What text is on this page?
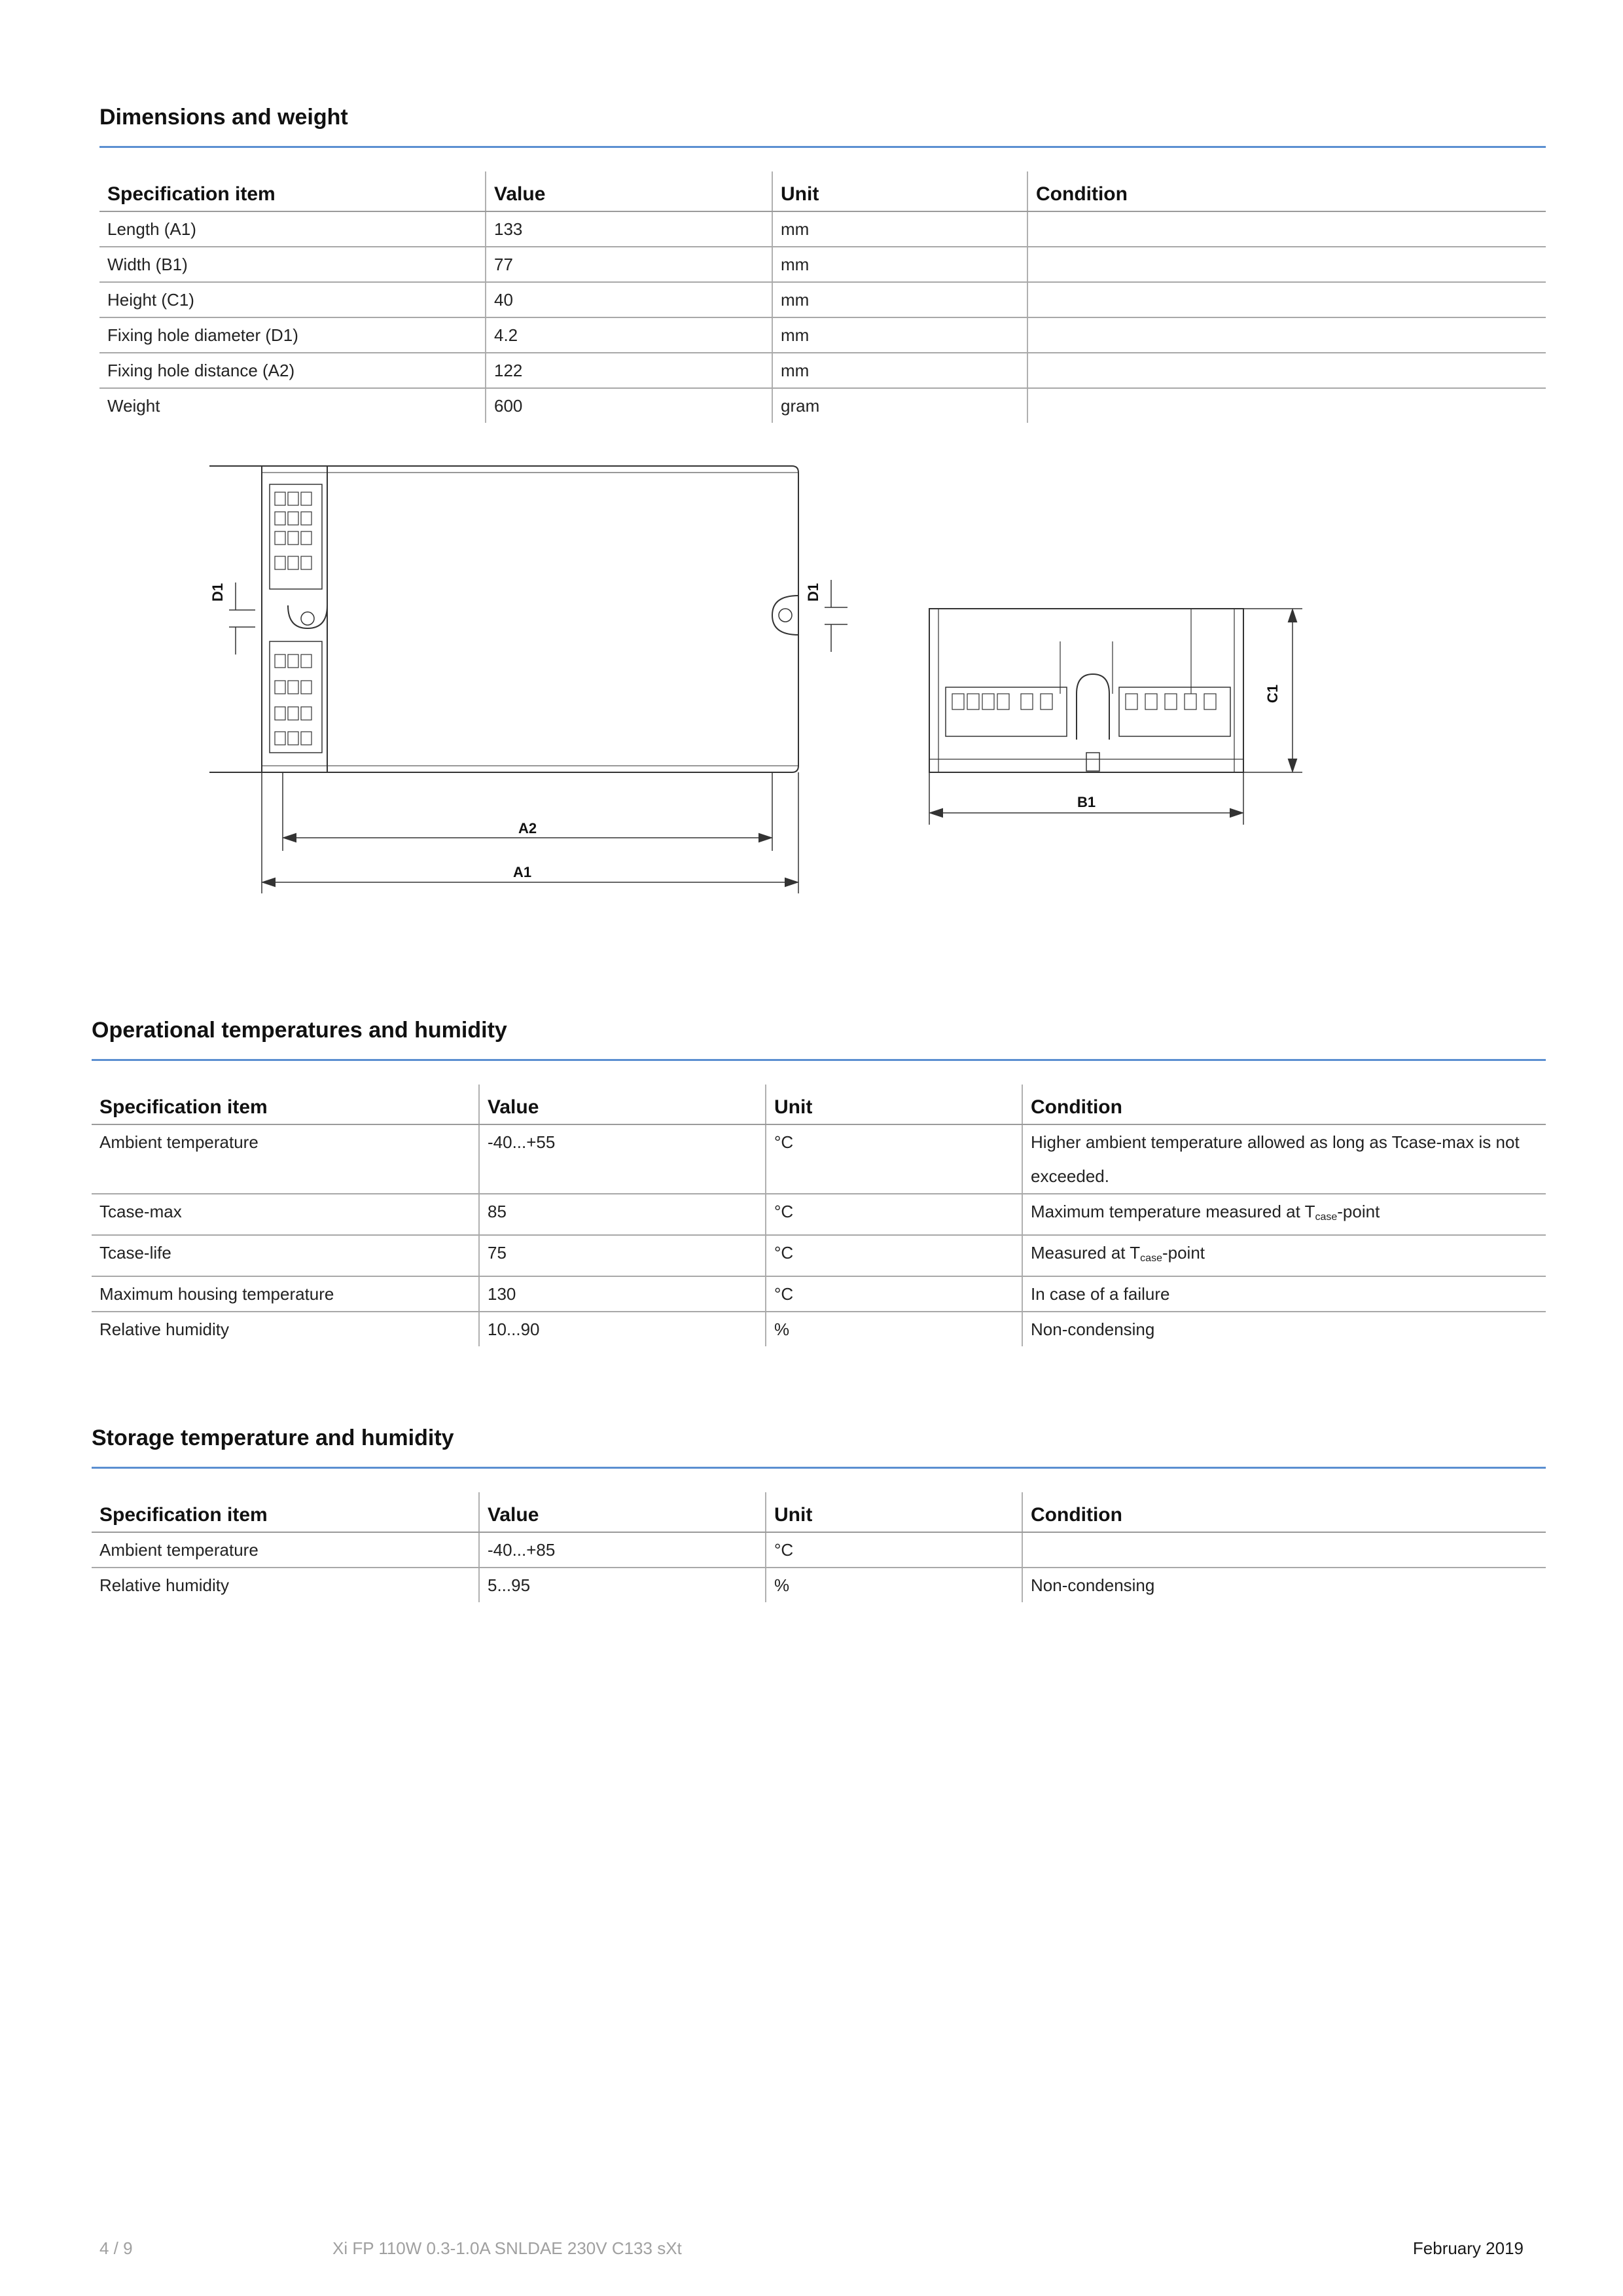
Dimensions and weight
Specification item	Value	Unit	Condition
Length (A1)	133	mm	
Width (B1)	77	mm	
Height (C1)	40	mm	
Fixing hole diameter (D1)	4.2	mm	
Fixing hole distance (A2)	122	mm	
Weight	600	gram	
D1	D1
A2
A1
C1
B1
Operational temperatures and humidity
Specification item	Value	Unit	Condition
Ambient temperature	-40...+55	°C	Higher ambient temperature allowed as long as Tcase-max is not exceeded.
Tcase-max	85	°C	Maximum temperature measured at $T_{case}$-point
Tcase-life	75	°C	Measured at $T_{case}$-point
Maximum housing temperature	130	°C	In case of a failure
Relative humidity	10...90	%	Non-condensing
Storage temperature and humidity
Specification item	Value	Unit	Condition
Ambient temperature	-40...+85	°C	
Relative humidity	5...95	%	Non-condensing
4 / 9	Xi FP 110W 0.3-1.0A SNLDAE 230V C133 sXt	February 2019
